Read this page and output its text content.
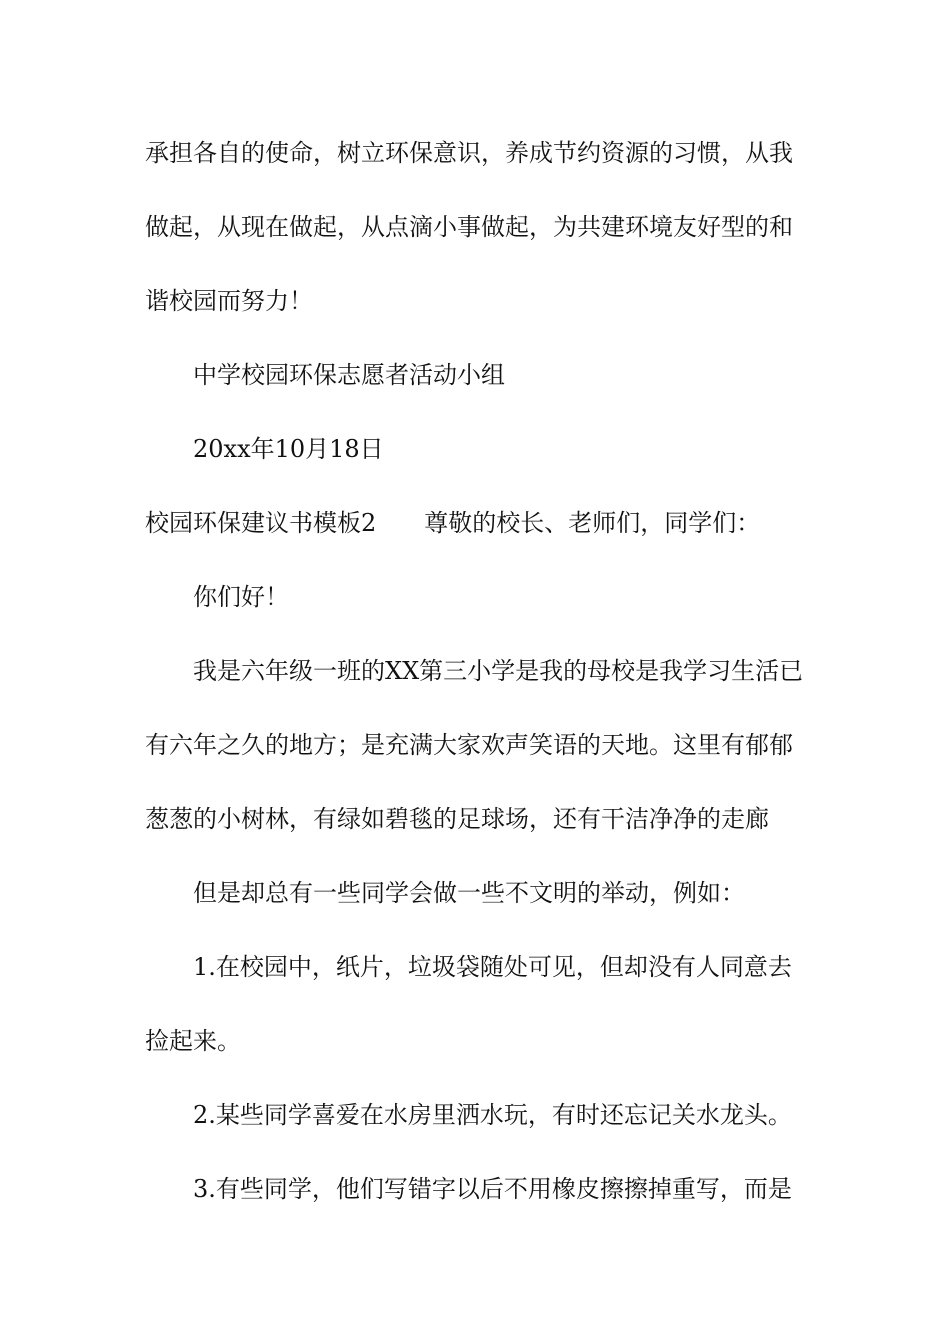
承担各自的使命，树立环保意识，养成节约资源的习惯，从我
做起，从现在做起，从点滴小事做起，为共建环境友好型的和
谐校园而努力！
中学校园环保志愿者活动小组
20xx年10月18日
校园环保建议书模板2　　尊敬的校长、老师们，同学们：
你们好！
我是六年级一班的XX第三小学是我的母校是我学习生活已
有六年之久的地方；是充满大家欢声笑语的天地。这里有郁郁
葱葱的小树林，有绿如碧毯的足球场，还有干洁净净的走廊
但是却总有一些同学会做一些不文明的举动，例如：
1.在校园中，纸片，垃圾袋随处可见，但却没有人同意去
捡起来。
2.某些同学喜爱在水房里洒水玩，有时还忘记关水龙头。
3.有些同学，他们写错字以后不用橡皮擦擦掉重写，而是
